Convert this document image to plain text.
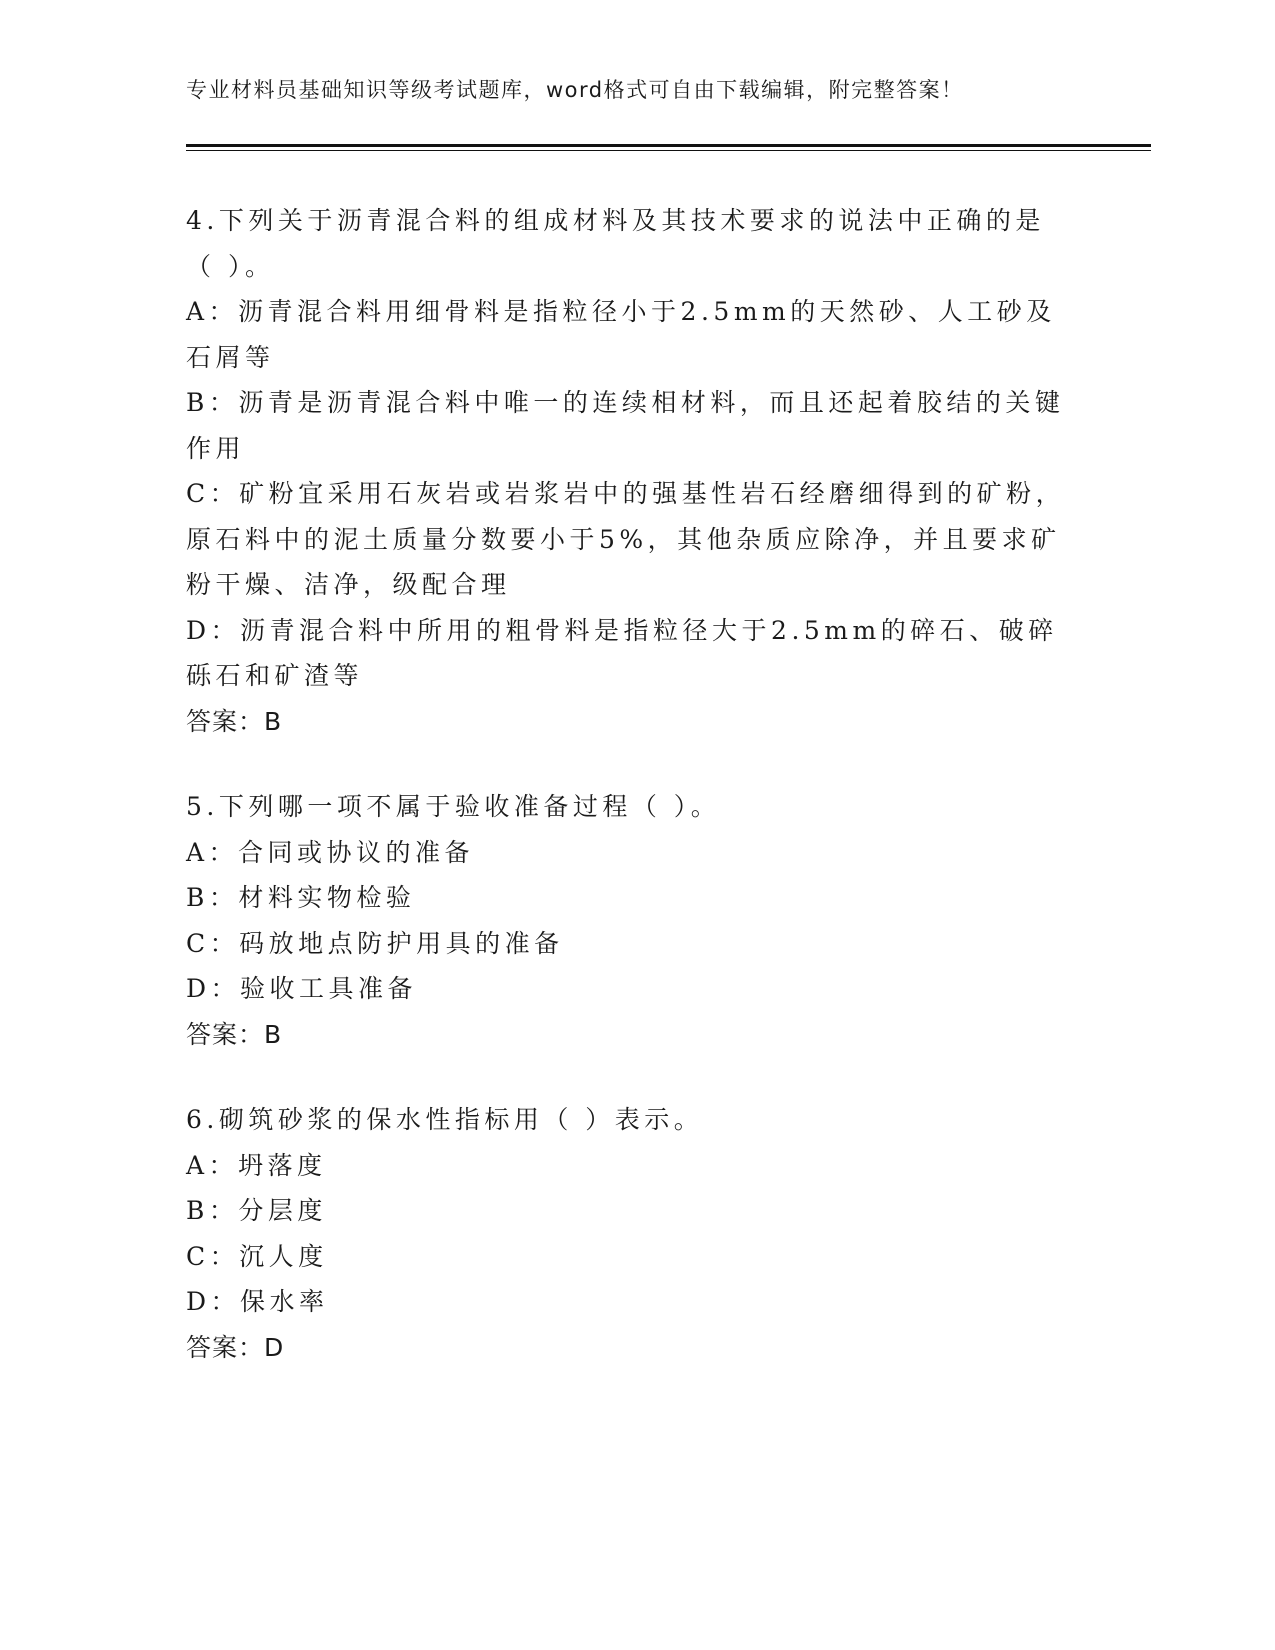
专业材料员基础知识等级考试题库，word格式可自由下载编辑，附完整答案！

4.下列关于沥青混合料的组成材料及其技术要求的说法中正确的是（ ）。

A：沥青混合料用细骨料是指粒径小于2.5mm的天然砂、人工砂及石屑等

B：沥青是沥青混合料中唯一的连续相材料，而且还起着胶结的关键作用

C：矿粉宜采用石灰岩或岩浆岩中的强基性岩石经磨细得到的矿粉，原石料中的泥土质量分数要小于5%，其他杂质应除净，并且要求矿粉干燥、洁净，级配合理

D：沥青混合料中所用的粗骨料是指粒径大于2.5mm的碎石、破碎砾石和矿渣等

答案：B

5.下列哪一项不属于验收准备过程（ ）。

A：合同或协议的准备

B：材料实物检验

C：码放地点防护用具的准备

D：验收工具准备

答案：B

6.砌筑砂浆的保水性指标用（ ）表示。

A：坍落度

B：分层度

C：沉人度

D：保水率

答案：D
